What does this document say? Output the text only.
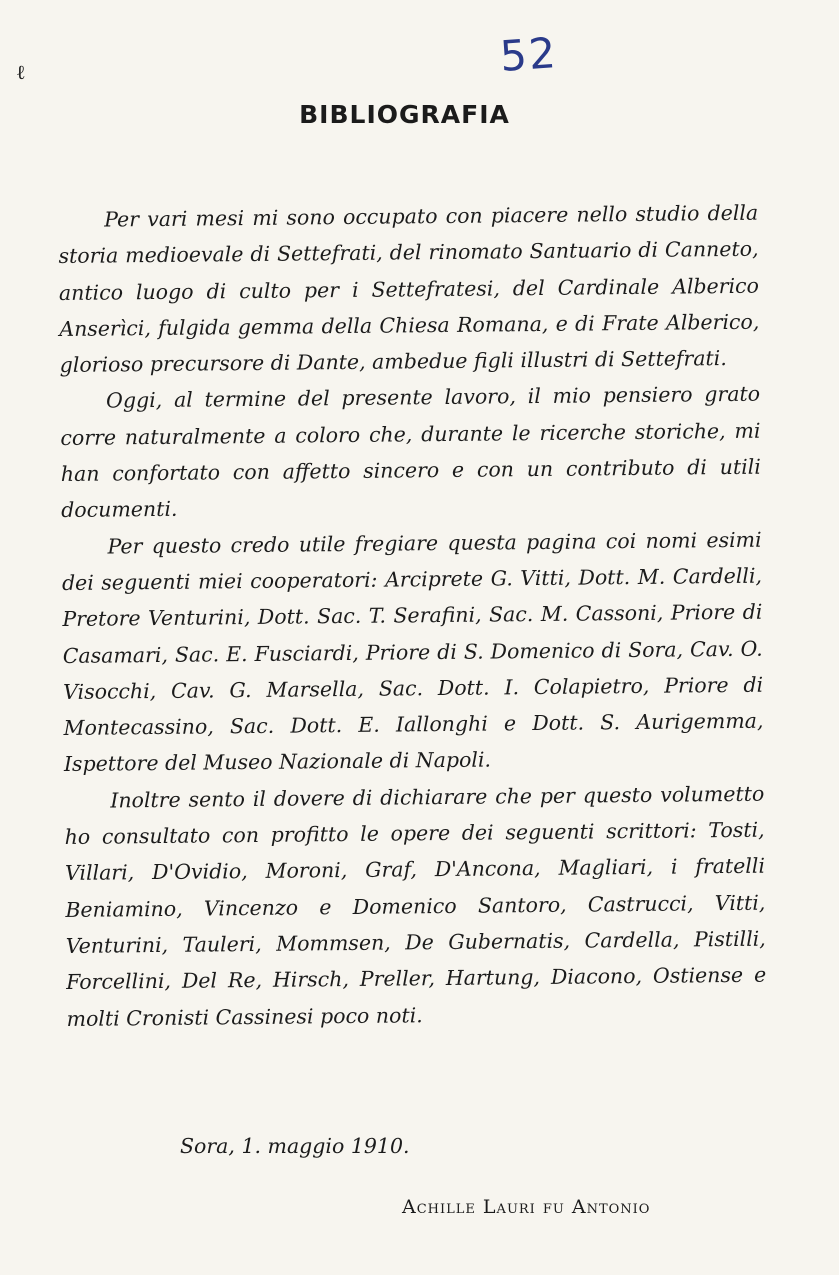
ℓ	52
BIBLIOGRAFIA

Per vari mesi mi sono occupato con piacere nello studio della storia medioevale di Settefrati, del rinomato Santuario di Canneto, antico luogo di culto per i Settefratesi, del Cardinale Alberico Anserìci, fulgida gemma della Chiesa Romana, e di Frate Alberico, glorioso precursore di Dante, ambedue figli illustri di Settefrati.

Oggi, al termine del presente lavoro, il mio pensiero grato corre naturalmente a coloro che, durante le ricerche storiche, mi han confortato con affetto sincero e con un contributo di utili documenti.

Per questo credo utile fregiare questa pagina coi nomi esimi dei seguenti miei cooperatori: Arciprete G. Vitti, Dott. M. Cardelli, Pretore Venturini, Dott. Sac. T. Serafini, Sac. M. Cassoni, Priore di Casamari, Sac. E. Fusciardi, Priore di S. Domenico di Sora, Cav. O. Visocchi, Cav. G. Marsella, Sac. Dott. I. Colapietro, Priore di Montecassino, Sac. Dott. E. Iallonghi e Dott. S. Aurigemma, Ispettore del Museo Nazionale di Napoli.

Inoltre sento il dovere di dichiarare che per questo volumetto ho consultato con profitto le opere dei seguenti scrittori: Tosti, Villari, D'Ovidio, Moroni, Graf, D'Ancona, Magliari, i fratelli Beniamino, Vincenzo e Domenico Santoro, Castrucci, Vitti, Venturini, Tauleri, Mommsen, De Gubernatis, Cardella, Pistilli, Forcellini, Del Re, Hirsch, Preller, Hartung, Diacono, Ostiense e molti Cronisti Cassinesi poco noti.

Sora, 1. maggio 1910.
Achille Lauri fu Antonio
